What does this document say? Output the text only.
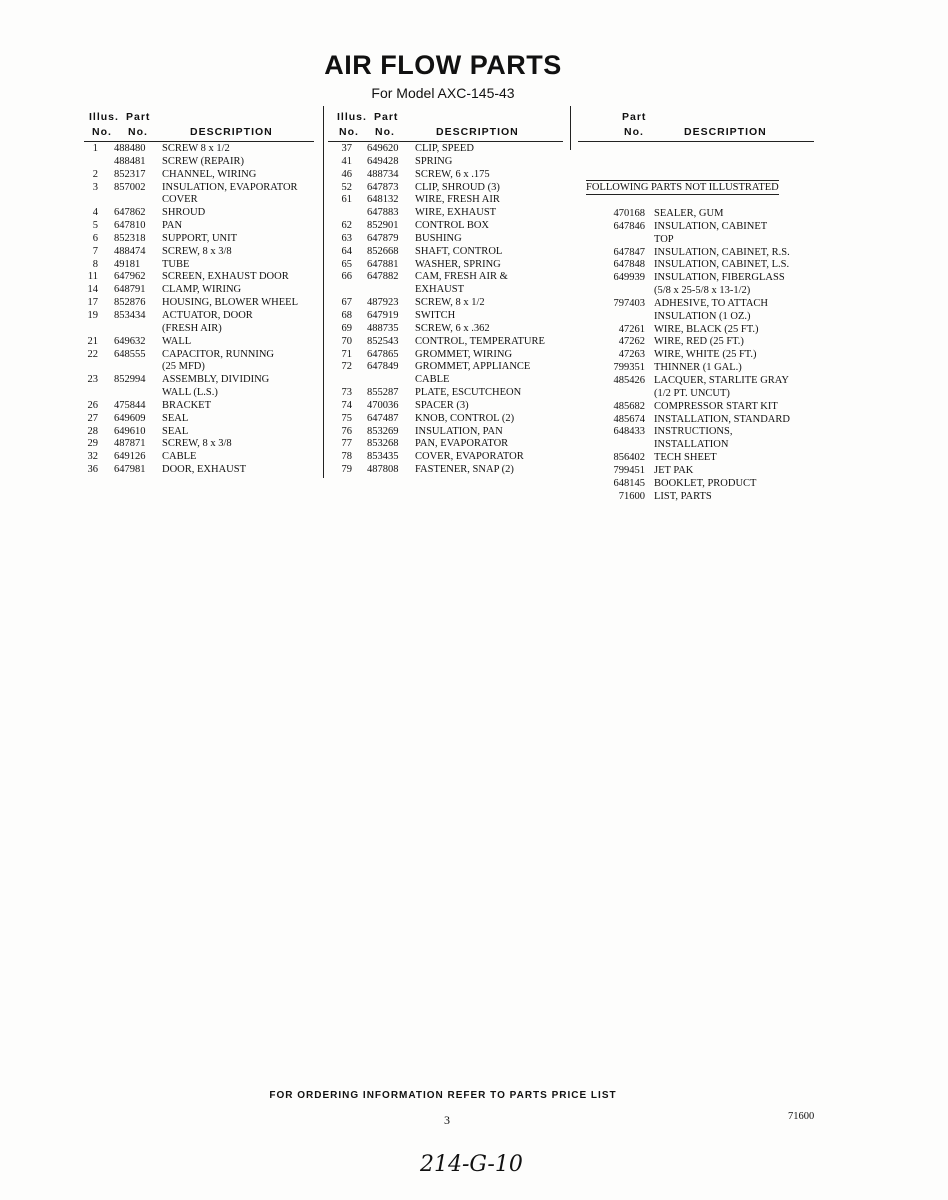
AIR FLOW PARTS
For Model AXC-145-43
Illus. Part
No. No.	DESCRIPTION
Illus. Part
No. No.	DESCRIPTION
Part
No.	DESCRIPTION
1 488480 SCREW 8 x 1/2
488481 SCREW (REPAIR)
2 852317 CHANNEL, WIRING
3 857002 INSULATION, EVAPORATOR
COVER
4 647862 SHROUD
5 647810 PAN
6 852318 SUPPORT, UNIT
7 488474 SCREW, 8 x 3/8
8 49181 TUBE
11 647962 SCREEN, EXHAUST DOOR
14 648791 CLAMP, WIRING
17 852876 HOUSING, BLOWER WHEEL
19 853434 ACTUATOR, DOOR
(FRESH AIR)
21 649632 WALL
22 648555 CAPACITOR, RUNNING
(25 MFD)
23 852994 ASSEMBLY, DIVIDING
WALL (L.S.)
26 475844 BRACKET
27 649609 SEAL
28 649610 SEAL
29 487871 SCREW, 8 x 3/8
32 649126 CABLE
36 647981 DOOR, EXHAUST
37 649620 CLIP, SPEED
41 649428 SPRING
46 488734 SCREW, 6 x .175
52 647873 CLIP, SHROUD (3)
61 648132 WIRE, FRESH AIR
647883 WIRE, EXHAUST
62 852901 CONTROL BOX
63 647879 BUSHING
64 852668 SHAFT, CONTROL
65 647881 WASHER, SPRING
66 647882 CAM, FRESH AIR &
EXHAUST
67 487923 SCREW, 8 x 1/2
68 647919 SWITCH
69 488735 SCREW, 6 x .362
70 852543 CONTROL, TEMPERATURE
71 647865 GROMMET, WIRING
72 647849 GROMMET, APPLIANCE
CABLE
73 855287 PLATE, ESCUTCHEON
74 470036 SPACER (3)
75 647487 KNOB, CONTROL (2)
76 853269 INSULATION, PAN
77 853268 PAN, EVAPORATOR
78 853435 COVER, EVAPORATOR
79 487808 FASTENER, SNAP (2)
FOLLOWING PARTS NOT ILLUSTRATED
470168 SEALER, GUM
647846 INSULATION, CABINET
TOP
647847 INSULATION, CABINET, R.S.
647848 INSULATION, CABINET, L.S.
649939 INSULATION, FIBERGLASS
(5/8 x 25-5/8 x 13-1/2)
797403 ADHESIVE, TO ATTACH
INSULATION (1 OZ.)
47261 WIRE, BLACK (25 FT.)
47262 WIRE, RED (25 FT.)
47263 WIRE, WHITE (25 FT.)
799351 THINNER (1 GAL.)
485426 LACQUER, STARLITE GRAY
(1/2 PT. UNCUT)
485682 COMPRESSOR START KIT
485674 INSTALLATION, STANDARD
648433 INSTRUCTIONS,
INSTALLATION
856402 TECH SHEET
799451 JET PAK
648145 BOOKLET, PRODUCT
71600 LIST, PARTS
FOR ORDERING INFORMATION REFER TO PARTS PRICE LIST
3	71600
214-G-10
